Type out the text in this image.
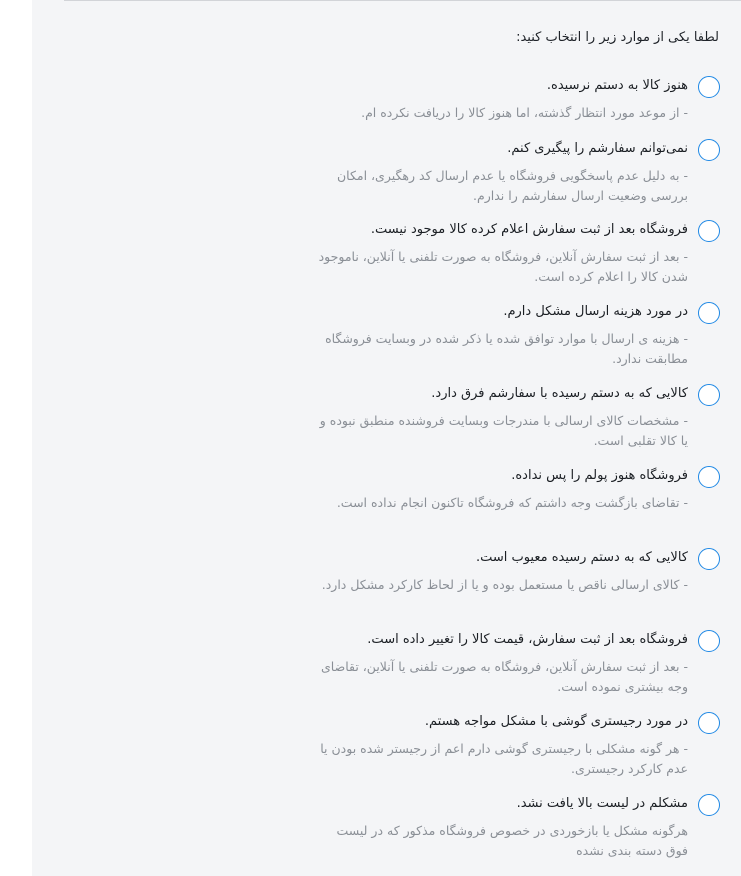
لطفا یکی از موارد زیر را انتخاب کنید:
هنوز کالا به دستم نرسیده.
- از موعد مورد انتظار گذشته، اما هنوز کالا را دریافت نکرده ام.
نمی‌توانم سفارشم را پیگیری کنم.
- به دلیل عدم پاسخگویی فروشگاه یا عدم ارسال کد رهگیری، امکان بررسی وضعیت ارسال سفارشم را ندارم.
فروشگاه بعد از ثبت سفارش اعلام کرده کالا موجود نیست.
- بعد از ثبت سفارش آنلاین، فروشگاه به صورت تلفنی یا آنلاین، ناموجود شدن کالا را اعلام کرده است.
در مورد هزینه ارسال مشکل دارم.
- هزینه ی ارسال با موارد توافق شده یا ذکر شده در وبسایت فروشگاه مطابقت ندارد.
کالایی که به دستم رسیده با سفارشم فرق دارد.
- مشخصات کالای ارسالی با مندرجات وبسایت فروشنده منطبق نبوده و یا کالا تقلبی است.
فروشگاه هنوز پولم را پس نداده.
- تقاضای بازگشت وجه داشتم که فروشگاه تاکنون انجام نداده است.
کالایی که به دستم رسیده معیوب است.
- کالای ارسالی ناقص یا مستعمل بوده و یا از لحاظ کارکرد مشکل دارد.
فروشگاه بعد از ثبت سفارش، قیمت کالا را تغییر داده است.
- بعد از ثبت سفارش آنلاین، فروشگاه به صورت تلفنی یا آنلاین، تقاضای وجه بیشتری نموده است.
در مورد رجیستری گوشی با مشکل مواجه هستم.
- هر گونه مشکلی با رجیستری گوشی دارم اعم از رجیستر شده بودن یا عدم کارکرد رجیستری.
مشکلم در لیست بالا یافت نشد.
هرگونه مشکل یا بازخوردی در خصوص فروشگاه مذکور که در لیست فوق دسته بندی نشده
